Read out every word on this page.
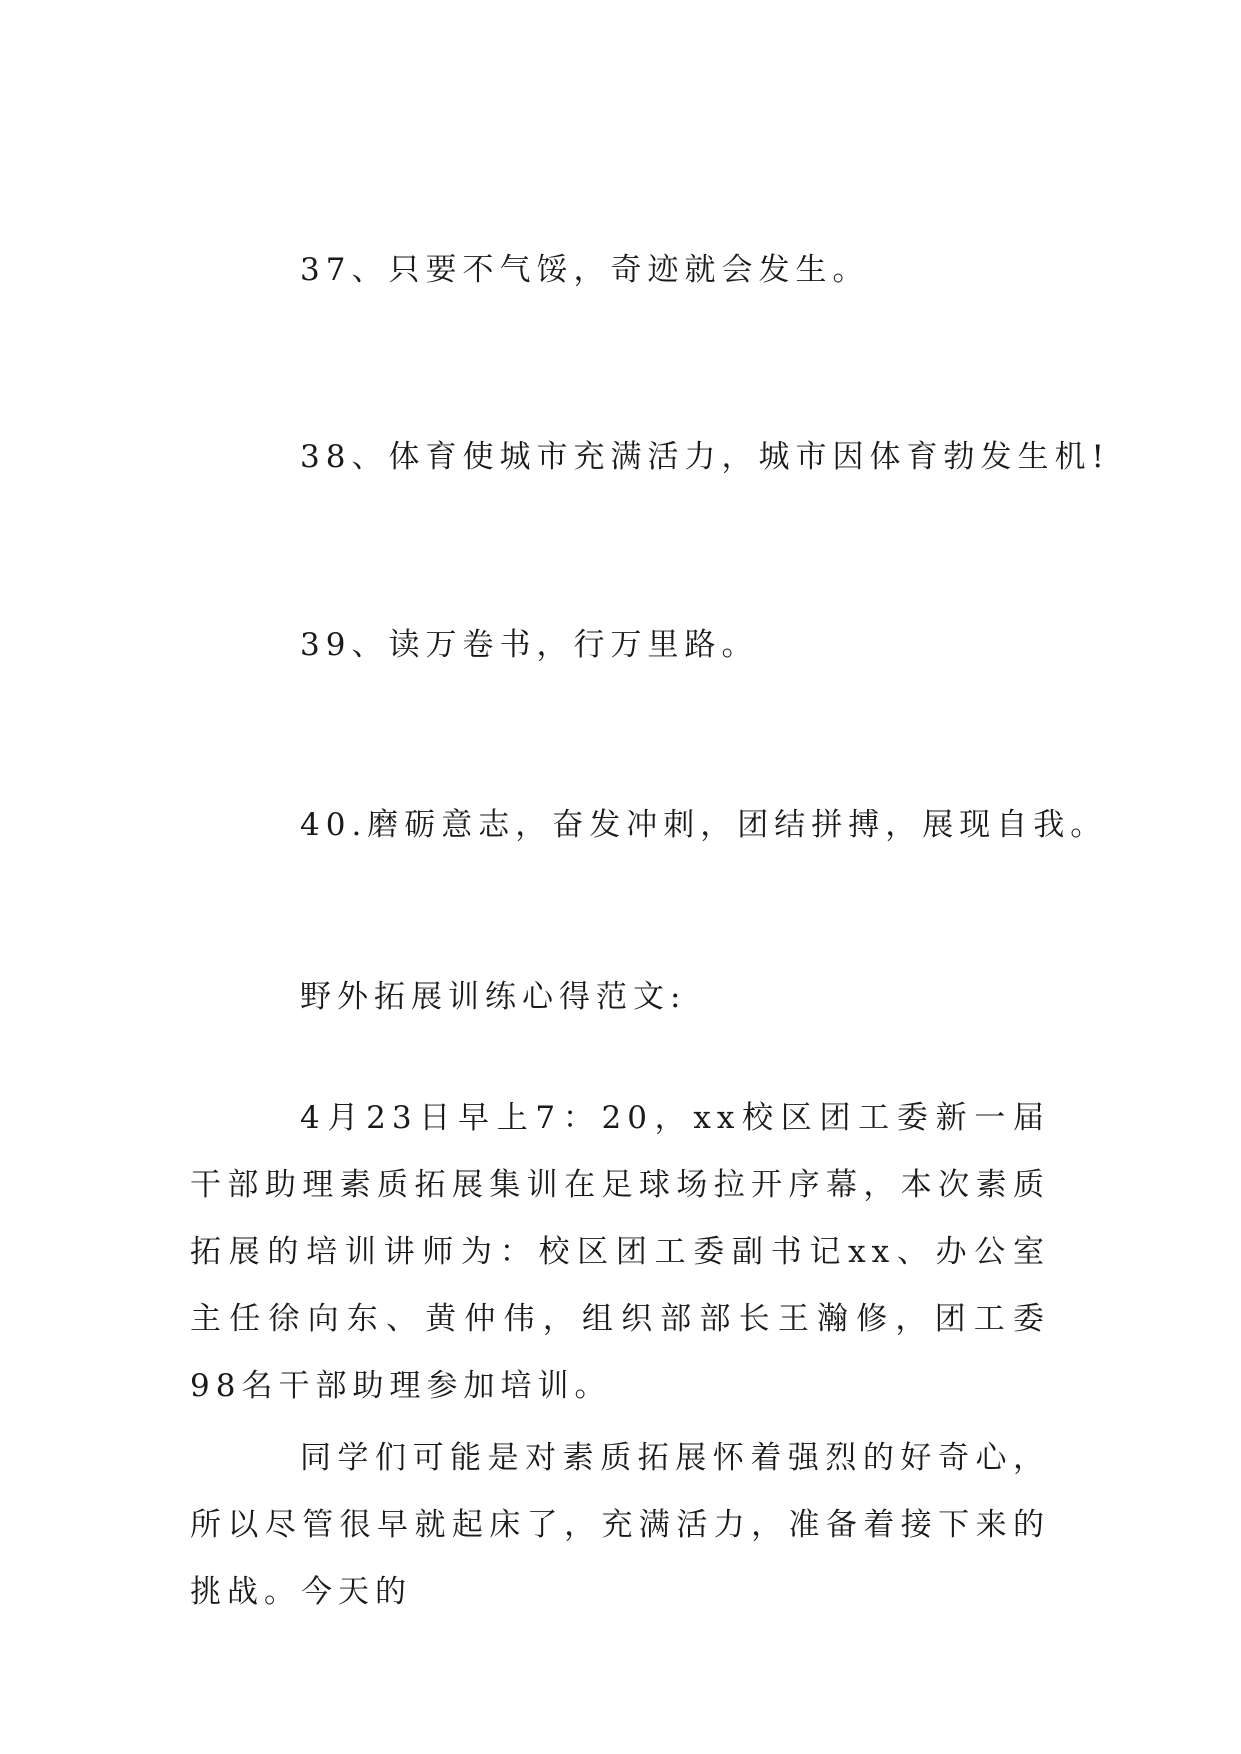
37、只要不气馁，奇迹就会发生。
38、体育使城市充满活力，城市因体育勃发生机!
39、读万卷书，行万里路。
40.磨砺意志，奋发冲刺，团结拼搏，展现自我。
野外拓展训练心得范文:
4月23日早上7：20，xx校区团工委新一届干部助理素质拓展集训在足球场拉开序幕，本次素质拓展的培训讲师为：校区团工委副书记xx、办公室主任徐向东、黄仲伟，组织部部长王瀚修，团工委98名干部助理参加培训。
同学们可能是对素质拓展怀着强烈的好奇心，所以尽管很早就起床了，充满活力，准备着接下来的挑战。今天的
